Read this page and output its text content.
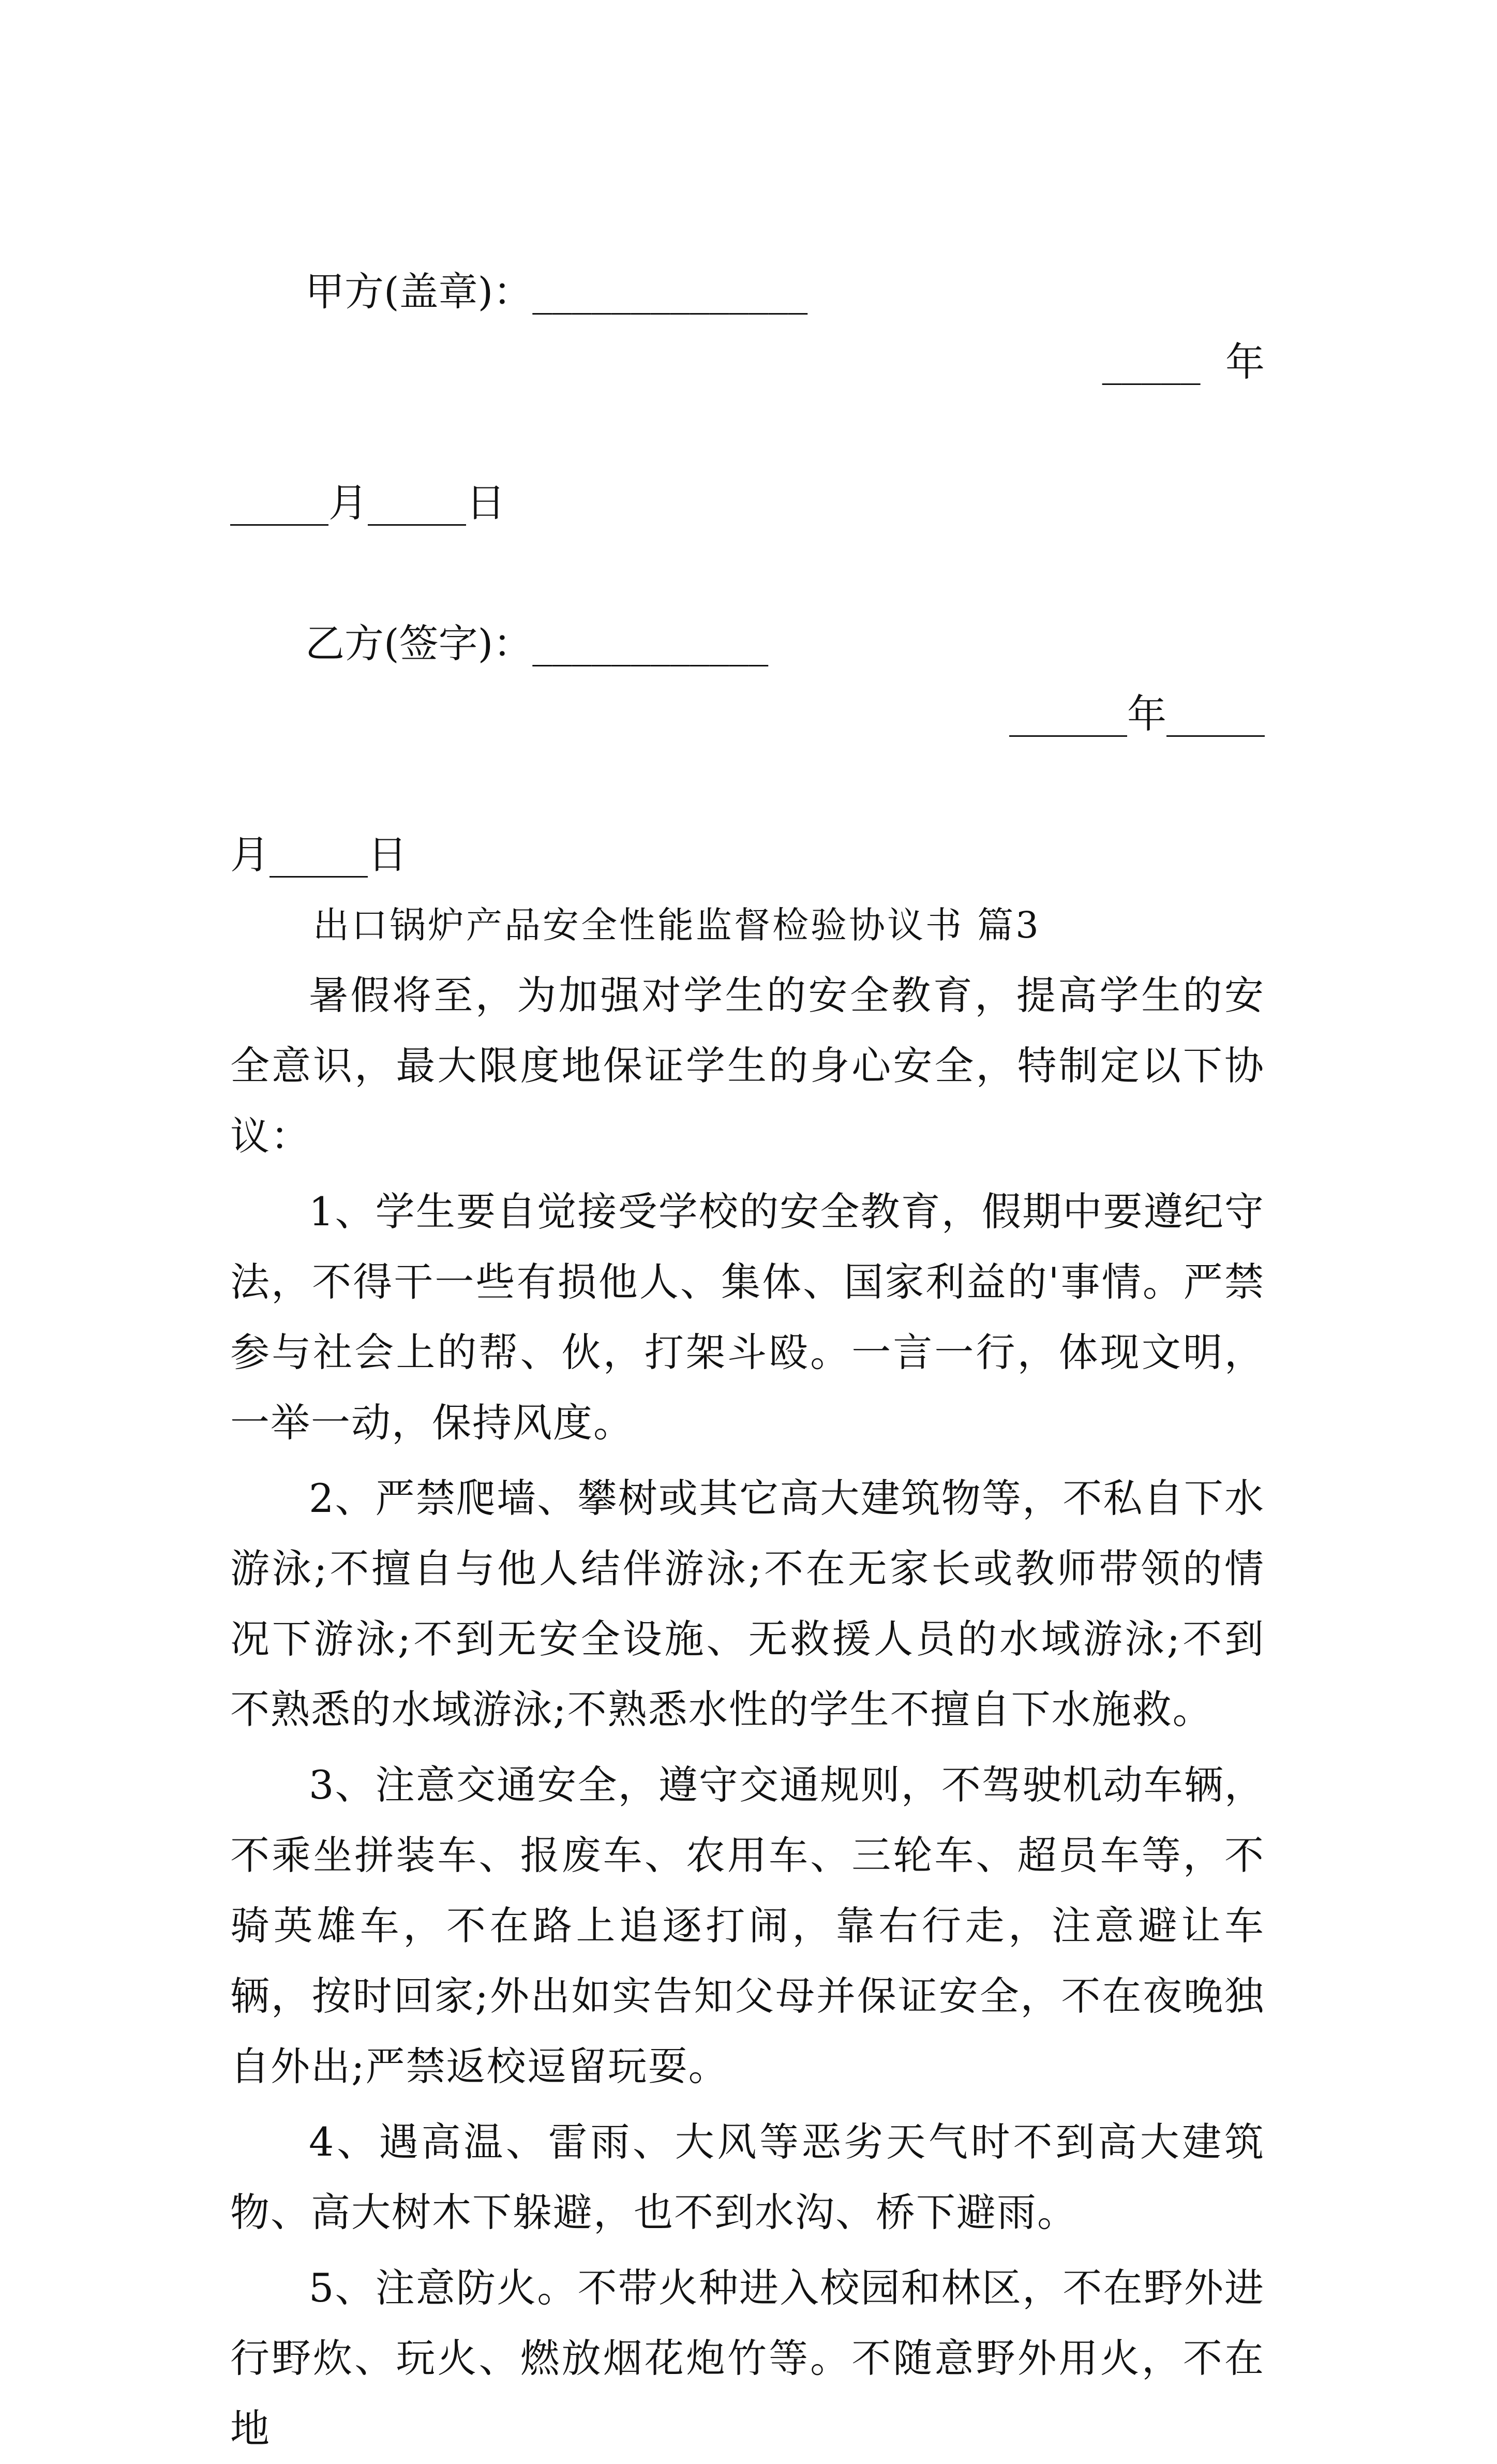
甲方(盖章)：______________

_____  年

_____月_____日

乙方(签字)：____________

______年_____

月_____日
出口锅炉产品安全性能监督检验协议书 篇3

暑假将至，为加强对学生的安全教育，提高学生的安全意识，最大限度地保证学生的身心安全，特制定以下协议：

1、学生要自觉接受学校的安全教育，假期中要遵纪守法，不得干一些有损他人、集体、国家利益的'事情。严禁参与社会上的帮、伙，打架斗殴。一言一行，体现文明，一举一动，保持风度。

2、严禁爬墙、攀树或其它高大建筑物等，不私自下水游泳;不擅自与他人结伴游泳;不在无家长或教师带领的情况下游泳;不到无安全设施、无救援人员的水域游泳;不到不熟悉的水域游泳;不熟悉水性的学生不擅自下水施救。

3、注意交通安全，遵守交通规则，不驾驶机动车辆，不乘坐拼装车、报废车、农用车、三轮车、超员车等，不骑英雄车，不在路上追逐打闹，靠右行走，注意避让车辆，按时回家;外出如实告知父母并保证安全，不在夜晚独自外出;严禁返校逗留玩耍。

4、遇高温、雷雨、大风等恶劣天气时不到高大建筑物、高大树木下躲避，也不到水沟、桥下避雨。

5、注意防火。不带火种进入校园和林区，不在野外进行野炊、玩火、燃放烟花炮竹等。不随意野外用火，不在地
